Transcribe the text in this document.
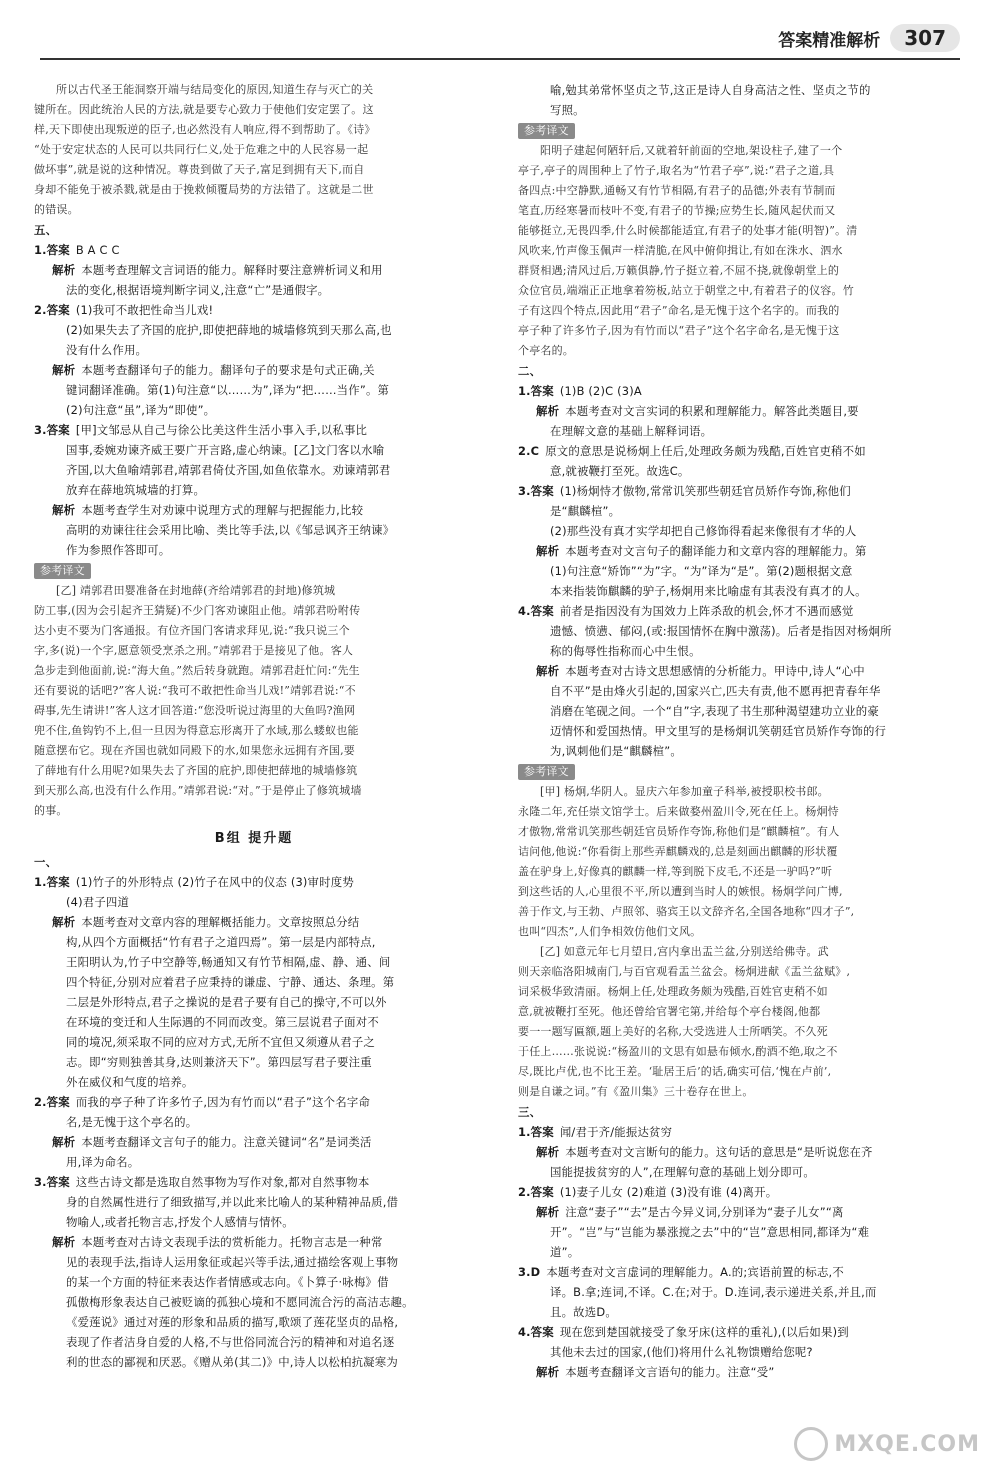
答案精准解析	307

所以古代圣王能洞察开端与结局变化的原因,知道生存与灭亡的关

键所在。因此统治人民的方法,就是要专心致力于使他们安定罢了。这

样,天下即使出现叛逆的臣子,也必然没有人响应,得不到帮助了。《诗》

“处于安定状态的人民可以共同行仁义,处于危难之中的人民容易一起

做坏事”,就是说的这种情况。尊贵到做了天子,富足到拥有天下,而自

身却不能免于被杀戮,就是由于挽救倾覆局势的方法错了。这就是二世

的错误。

五、

1.答案 B A C C

解析 本题考查理解文言词语的能力。解释时要注意辨析词义和用

法的变化,根据语境判断字词义,注意“亡”是通假字。

2.答案 (1)我可不敢把性命当儿戏!

(2)如果失去了齐国的庇护,即使把薛地的城墙修筑到天那么高,也

没有什么作用。

解析 本题考查翻译句子的能力。翻译句子的要求是句式正确,关

键词翻译准确。第(1)句注意“以……为”,译为“把……当作”。第

(2)句注意“虽”,译为“即使”。

3.答案 [甲]文邹忌从自己与徐公比美这件生活小事入手,以私事比

国事,委婉劝谏齐威王要广开言路,虚心纳谏。[乙]文门客以水喻

齐国,以大鱼喻靖郭君,靖郭君倚仗齐国,如鱼依靠水。劝谏靖郭君

放弃在薛地筑城墙的打算。

解析 本题考查学生对劝谏中说理方式的理解与把握能力,比较

高明的劝谏往往会采用比喻、类比等手法,以《邹忌讽齐王纳谏》

作为参照作答即可。

参考译文

[乙] 靖郭君田婴准备在封地薛(齐给靖郭君的封地)修筑城

防工事,(因为会引起齐王猜疑)不少门客劝谏阻止他。靖郭君吩咐传

达小吏不要为门客通报。有位齐国门客请求拜见,说:“我只说三个

字,多(说)一个字,愿意领受烹杀之刑。”靖郭君于是接见了他。客人

急步走到他面前,说:“海大鱼。”然后转身就跑。靖郭君赶忙问:“先生

还有要说的话吧?”客人说:“我可不敢把性命当儿戏!”靖郭君说:“不

碍事,先生请讲!”客人这才回答道:“您没听说过海里的大鱼吗?渔网

兜不住,鱼钩钓不上,但一旦因为得意忘形离开了水域,那么蝼蚁也能

随意摆布它。现在齐国也就如同殿下的水,如果您永远拥有齐国,要

了薛地有什么用呢?如果失去了齐国的庇护,即使把薛地的城墙修筑

到天那么高,也没有什么作用。”靖郭君说:“对。”于是停止了修筑城墙

的事。

B组 提升题

一、

1.答案 (1)竹子的外形特点 (2)竹子在风中的仪态 (3)审时度势

(4)君子四道

解析 本题考查对文章内容的理解概括能力。文章按照总分结

构,从四个方面概括“竹有君子之道四焉”。第一层是内部特点,

王阳明认为,竹子中空静等,畅通知又有竹节相隔,虚、静、通、间

四个特征,分别对应着君子应秉持的谦虚、宁静、通达、条理。第

二层是外形特点,君子之操说的是君子要有自己的操守,不可以外

在环境的变迁和人生际遇的不同而改变。第三层说君子面对不

同的境况,须采取不同的应对方式,无所不宜但又须遵从君子之

志。即“穷则独善其身,达则兼济天下”。第四层写君子要注重

外在威仪和气度的培养。

2.答案 而我的亭子种了许多竹子,因为有竹而以“君子”这个名字命

名,是无愧于这个亭名的。

解析 本题考查翻译文言句子的能力。注意关键词“名”是词类活

用,译为命名。

3.答案 这些古诗文都是选取自然事物为写作对象,都对自然事物本

身的自然属性进行了细致描写,并以此来比喻人的某种精神品质,借

物喻人,或者托物言志,抒发个人感情与情怀。

解析 本题考查对古诗文表现手法的赏析能力。托物言志是一种常

见的表现手法,指诗人运用象征或起兴等手法,通过描绘客观上事物

的某一个方面的特征来表达作者情感或志向。《卜算子·咏梅》借

孤傲梅形象表达自己被贬谪的孤独心境和不愿同流合污的高洁志趣。

《爱莲说》通过对莲的形象和品质的描写,歌颂了莲花坚贞的品格,

表现了作者洁身自爱的人格,不与世俗同流合污的精神和对追名逐

利的世态的鄙视和厌恶。《赠从弟(其二)》中,诗人以松柏抗凝寒为

喻,勉其弟常怀坚贞之节,这正是诗人自身高洁之性、坚贞之节的

写照。

参考译文

阳明子建起何陋轩后,又就着轩前面的空地,架设柱子,建了一个

亭子,亭子的周围种上了竹子,取名为“竹君子亭”,说:“君子之道,具

备四点:中空静默,通畅又有竹节相隔,有君子的品德;外表有节制而

笔直,历经寒暑而枝叶不变,有君子的节操;应势生长,随风起伏而又

能够挺立,无畏四季,什么时候都能适宜,有君子的处事才能(明智)”。清

风吹来,竹声像玉佩声一样清脆,在风中俯仰揖让,有如在洙水、泗水

群贤相遇;清风过后,万籁俱静,竹子挺立着,不屈不挠,就像朝堂上的

众位官员,端端正正地拿着笏板,站立于朝堂之中,有着君子的仪容。竹

子有这四个特点,因此用“君子”命名,是无愧于这个名字的。而我的

亭子种了许多竹子,因为有竹而以“君子”这个名字命名,是无愧于这

个亭名的。

二、

1.答案 (1)B (2)C (3)A

解析 本题考查对文言实词的积累和理解能力。解答此类题目,要

在理解文意的基础上解释词语。

2.C 原文的意思是说杨炯上任后,处理政务颇为残酷,百姓官吏稍不如

意,就被鞭打至死。故选C。

3.答案 (1)杨炯恃才傲物,常常讥笑那些朝廷官员矫作夸饰,称他们

是“麒麟楦”。

(2)那些没有真才实学却把自己修饰得看起来像很有才华的人

解析 本题考查对文言句子的翻译能力和文章内容的理解能力。第

(1)句注意“矫饰”“为”字。“为”译为“是”。第(2)题根据文意

本来指装饰麒麟的驴子,杨炯用来比喻虚有其表没有真才的人。

4.答案 前者是指因没有为国效力上阵杀敌的机会,怀才不遇而感觉

遗憾、愤懑、郁闷,(或:报国情怀在胸中激荡)。后者是指因对杨炯所

称的侮辱性指称而心中生恨。

解析 本题考查对古诗文思想感情的分析能力。甲诗中,诗人“心中

自不平”是由烽火引起的,国家兴亡,匹夫有责,他不愿再把青春年华

消磨在笔砚之间。一个“自”字,表现了书生那种渴望建功立业的豪

迈情怀和爱国热情。甲文里写的是杨炯讥笑朝廷官员矫作夸饰的行

为,讽刺他们是“麒麟楦”。

参考译文

[甲] 杨炯,华阴人。显庆六年参加童子科举,被授职校书郎。

永隆二年,充任崇文馆学士。后来做婺州盈川令,死在任上。杨炯恃

才傲物,常常讥笑那些朝廷官员矫作夸饰,称他们是“麒麟楦”。有人

诘问他,他说:“你看街上那些弄麒麟戏的,总是刻画出麒麟的形状覆

盖在驴身上,好像真的麒麟一样,等到脱下皮毛,不还是一驴吗?”听

到这些话的人,心里很不平,所以遭到当时人的嫉恨。杨炯学问广博,

善于作文,与王勃、卢照邻、骆宾王以文辞齐名,全国各地称“四才子”,

也叫“四杰”,人们争相效仿他们文风。

[乙] 如意元年七月望日,宫内拿出盂兰盆,分别送给佛寺。武

则天亲临洛阳城南门,与百官观看盂兰盆会。杨炯进献《盂兰盆赋》,

词采极华致清丽。杨炯上任,处理政务颇为残酷,百姓官吏稍不如

意,就被鞭打至死。他还曾给官署宅第,并给每个亭台楼阁,他都

要一一题写匾额,题上美好的名称,大受选进人士所哂笑。不久死

于任上……张说说:“杨盈川的文思有如悬布倾水,酌酒不绝,取之不

尽,既比卢优,也不比王差。‘耻居王后’的话,确实可信,‘愧在卢前’,

则是自谦之词。”有《盈川集》三十卷存在世上。

三、

1.答案 闻/君于齐/能振达贫穷

解析 本题考查对文言断句的能力。这句话的意思是“是听说您在齐

国能提拔贫穷的人”,在理解句意的基础上划分即可。

2.答案 (1)妻子儿女 (2)难道 (3)没有谁 (4)离开。

解析 注意“妻子”“去”是古今异义词,分别译为“妻子儿女”“离

开”。“岂”与“岂能为暴涨搅之去”中的“岂”意思相同,都译为“难

道”。

3.D 本题考查对文言虚词的理解能力。A.的;宾语前置的标志,不

译。B.拿;连词,不译。C.在;对于。D.连词,表示递进关系,并且,而

且。故选D。

4.答案 现在您到楚国就接受了象牙床(这样的重礼),(以后如果)到

其他未去过的国家,(他们)将用什么礼物馈赠给您呢?

解析 本题考查翻译文言语句的能力。注意“受”

MXQE.COM
